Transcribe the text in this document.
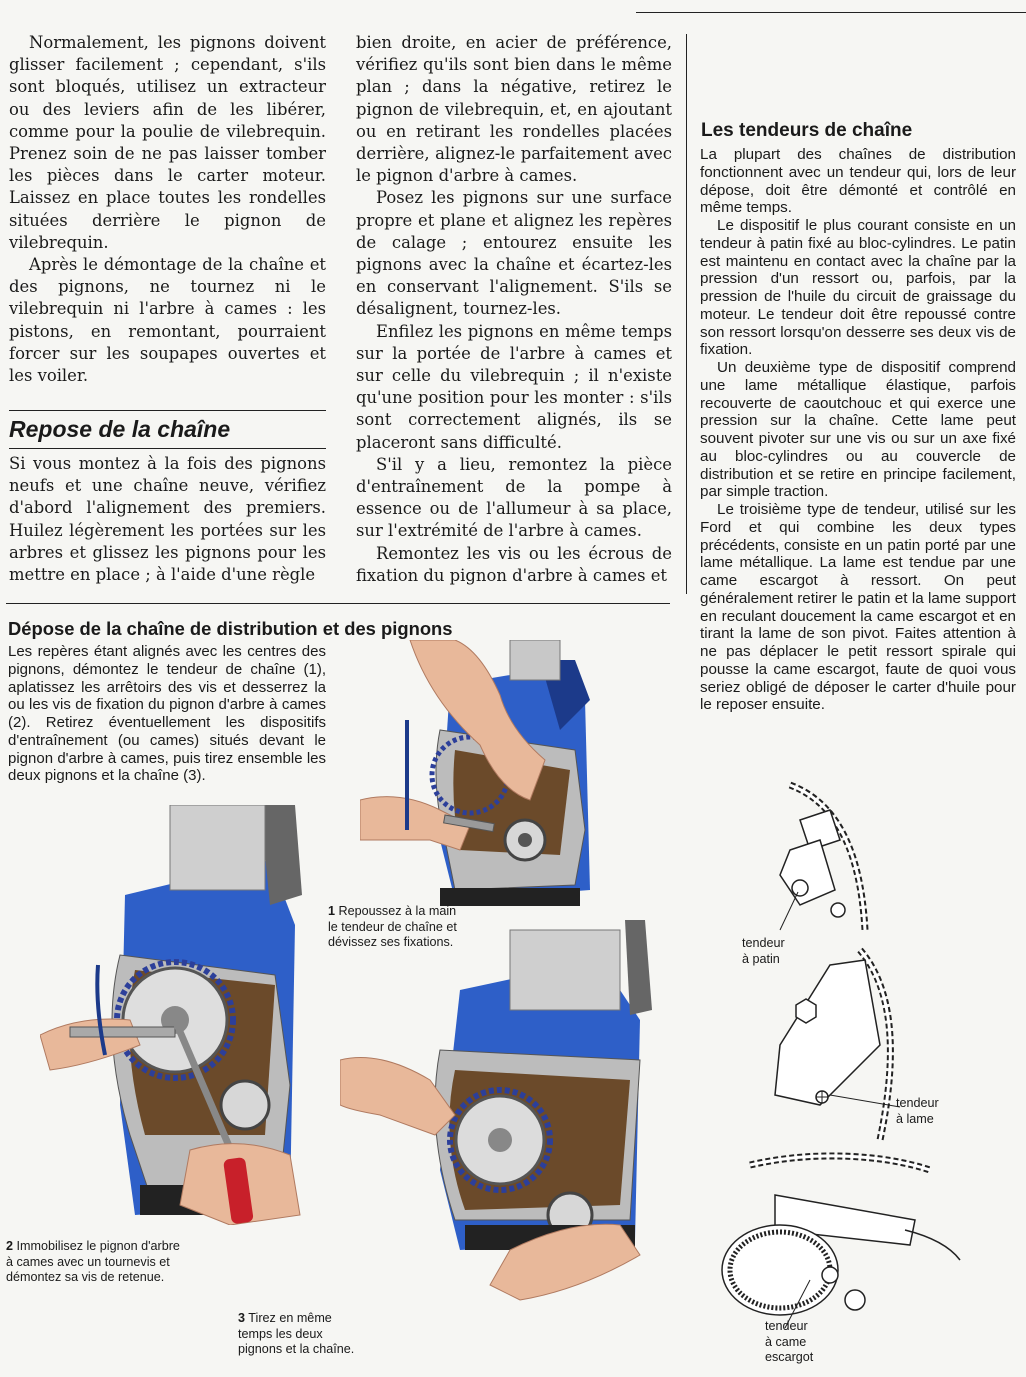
Normalement, les pignons doivent glisser facilement ; cependant, s'ils sont bloqués, utilisez un extracteur ou des leviers afin de les libérer, comme pour la poulie de vilebrequin. Prenez soin de ne pas laisser tomber les pièces dans le carter moteur. Laissez en place toutes les rondelles situées derrière le pignon de vilebrequin.

Après le démontage de la chaîne et des pignons, ne tournez ni le vilebrequin ni l'arbre à cames : les pistons, en remontant, pourraient forcer sur les soupapes ouvertes et les voiler.

Repose de la chaîne

Si vous montez à la fois des pignons neufs et une chaîne neuve, vérifiez d'abord l'alignement des premiers. Huilez légèrement les portées sur les arbres et glissez les pignons pour les mettre en place ; à l'aide d'une règle

bien droite, en acier de préférence, vérifiez qu'ils sont bien dans le même plan ; dans la négative, retirez le pignon de vilebrequin, et, en ajoutant ou en retirant les rondelles placées derrière, alignez-le parfaitement avec le pignon d'arbre à cames.

Posez les pignons sur une surface propre et plane et alignez les repères de calage ; entourez ensuite les pignons avec la chaîne et écartez-les en conservant l'alignement. S'ils se désalignent, tournez-les.

Enfilez les pignons en même temps sur la portée de l'arbre à cames et sur celle du vilebrequin ; il n'existe qu'une position pour les monter : s'ils sont correctement alignés, ils se placeront sans difficulté.

S'il y a lieu, remontez la pièce d'entraînement de la pompe à essence ou de l'allumeur à sa place, sur l'extrémité de l'arbre à cames.

Remontez les vis ou les écrous de fixation du pignon d'arbre à cames et

Les tendeurs de chaîne

La plupart des chaînes de distribution fonctionnent avec un tendeur qui, lors de leur dépose, doit être démonté et contrôlé en même temps.

Le dispositif le plus courant consiste en un tendeur à patin fixé au bloc-cylindres. Le patin est maintenu en contact avec la chaîne par la pression d'un ressort ou, parfois, par la pression de l'huile du circuit de graissage du moteur. Le tendeur doit être repoussé contre son ressort lorsqu'on desserre ses deux vis de fixation.

Un deuxième type de dispositif comprend une lame métallique élastique, parfois recouverte de caoutchouc et qui exerce une pression sur la chaîne. Cette lame peut souvent pivoter sur une vis ou sur un axe fixé au bloc-cylindres ou au couvercle de distribution et se retire en principe facilement, par simple traction.

Le troisième type de tendeur, utilisé sur les Ford et qui combine les deux types précédents, consiste en un patin porté par une lame métallique. La lame est tendue par une came escargot à ressort. On peut généralement retirer le patin et la lame support en reculant doucement la came escargot et en tirant la lame de son pivot. Faites attention à ne pas déplacer le petit ressort spirale qui pousse la came escargot, faute de quoi vous seriez obligé de déposer le carter d'huile pour le reposer ensuite.

Dépose de la chaîne de distribution et des pignons

Les repères étant alignés avec les centres des pignons, démontez le tendeur de chaîne (1), aplatissez les arrêtoirs des vis et desserrez la ou les vis de fixation du pignon d'arbre à cames (2). Retirez éventuellement les dispositifs d'entraînement (ou cames) situés devant le pignon d'arbre à cames, puis tirez ensemble les deux pignons et la chaîne (3).

1 Repoussez à la main le tendeur de chaîne et dévissez ses fixations.
2 Immobilisez le pignon d'arbre à cames avec un tournevis et démontez sa vis de retenue.
3 Tirez en même temps les deux pignons et la chaîne.
tendeur
à patin
tendeur
à lame
tendeur
à came
escargot
